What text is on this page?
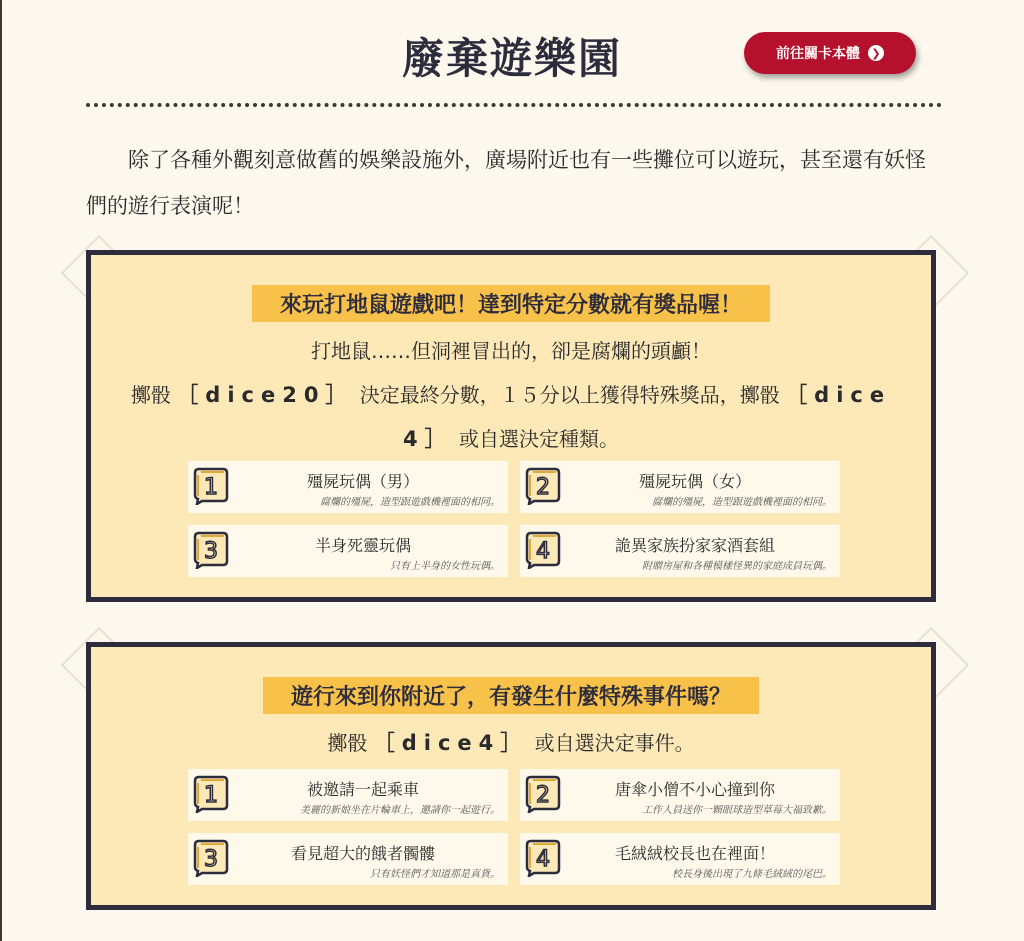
廢棄遊樂園	前往關卡本體	❯
除了各種外觀刻意做舊的娛樂設施外，廣場附近也有一些攤位可以遊玩，甚至還有妖怪們的遊行表演呢！
來玩打地鼠遊戲吧！達到特定分數就有獎品喔！
打地鼠……但洞裡冒出的，卻是腐爛的頭顱！
擲骰 ［dice20］ 決定最終分數，１５分以上獲得特殊獎品，擲骰 ［dice
4］ 或自選決定種類。
1	殭屍玩偶（男）
腐爛的殭屍，造型跟遊戲機裡面的相同。
2	殭屍玩偶（女）
腐爛的殭屍，造型跟遊戲機裡面的相同。
3	半身死靈玩偶
只有上半身的女性玩偶。
4	詭異家族扮家家酒套組
附贈房屋和各種模樣怪異的家庭成員玩偶。
遊行來到你附近了，有發生什麼特殊事件嗎？
擲骰 ［dice4］ 或自選決定事件。
1	被邀請一起乘車
美麗的新娘坐在片輪車上，邀請你一起遊行。
2	唐傘小僧不小心撞到你
工作人員送你一顆眼球造型草莓大福致歉。
3	看見超大的餓者髑髏
只有妖怪們才知道那是真貨。
4	毛絨絨校長也在裡面！
校長身後出現了九條毛絨絨的尾巴。
